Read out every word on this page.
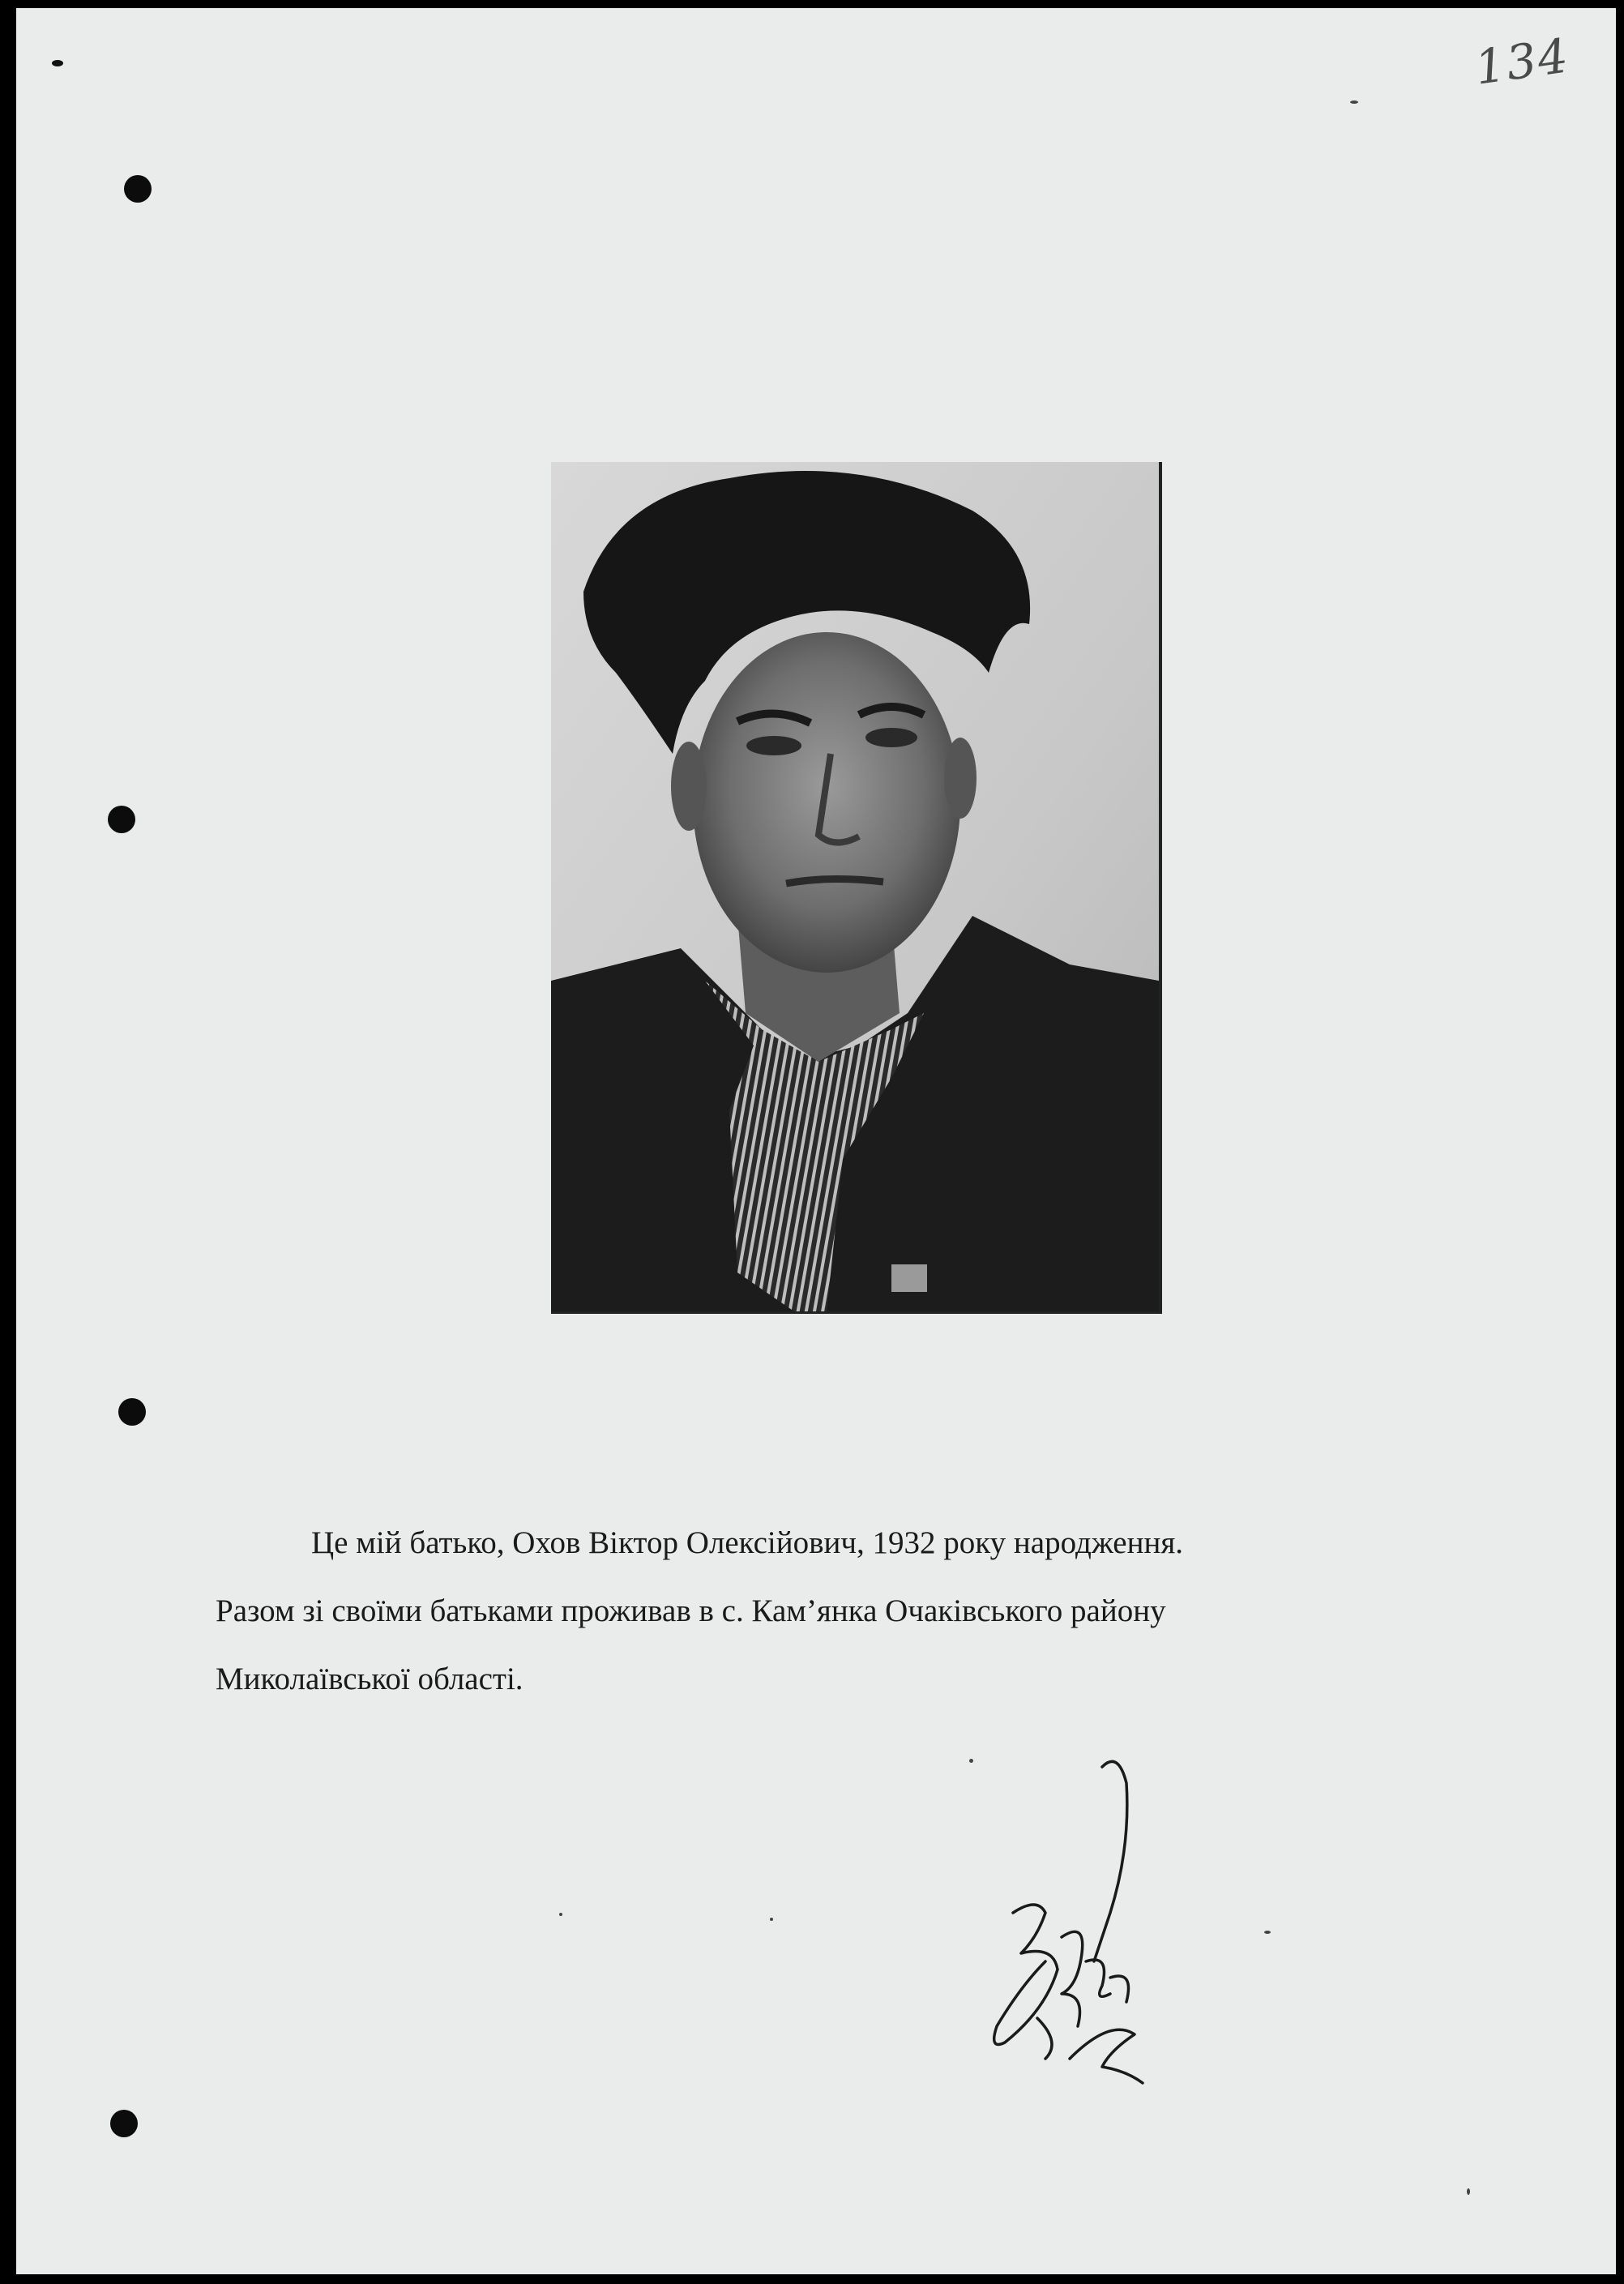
134

Це мій батько, Охов Віктор Олексійович, 1932 року народження.

Разом зі своїми батьками проживав в с. Кам’янка Очаківського району

Миколаївської області.
